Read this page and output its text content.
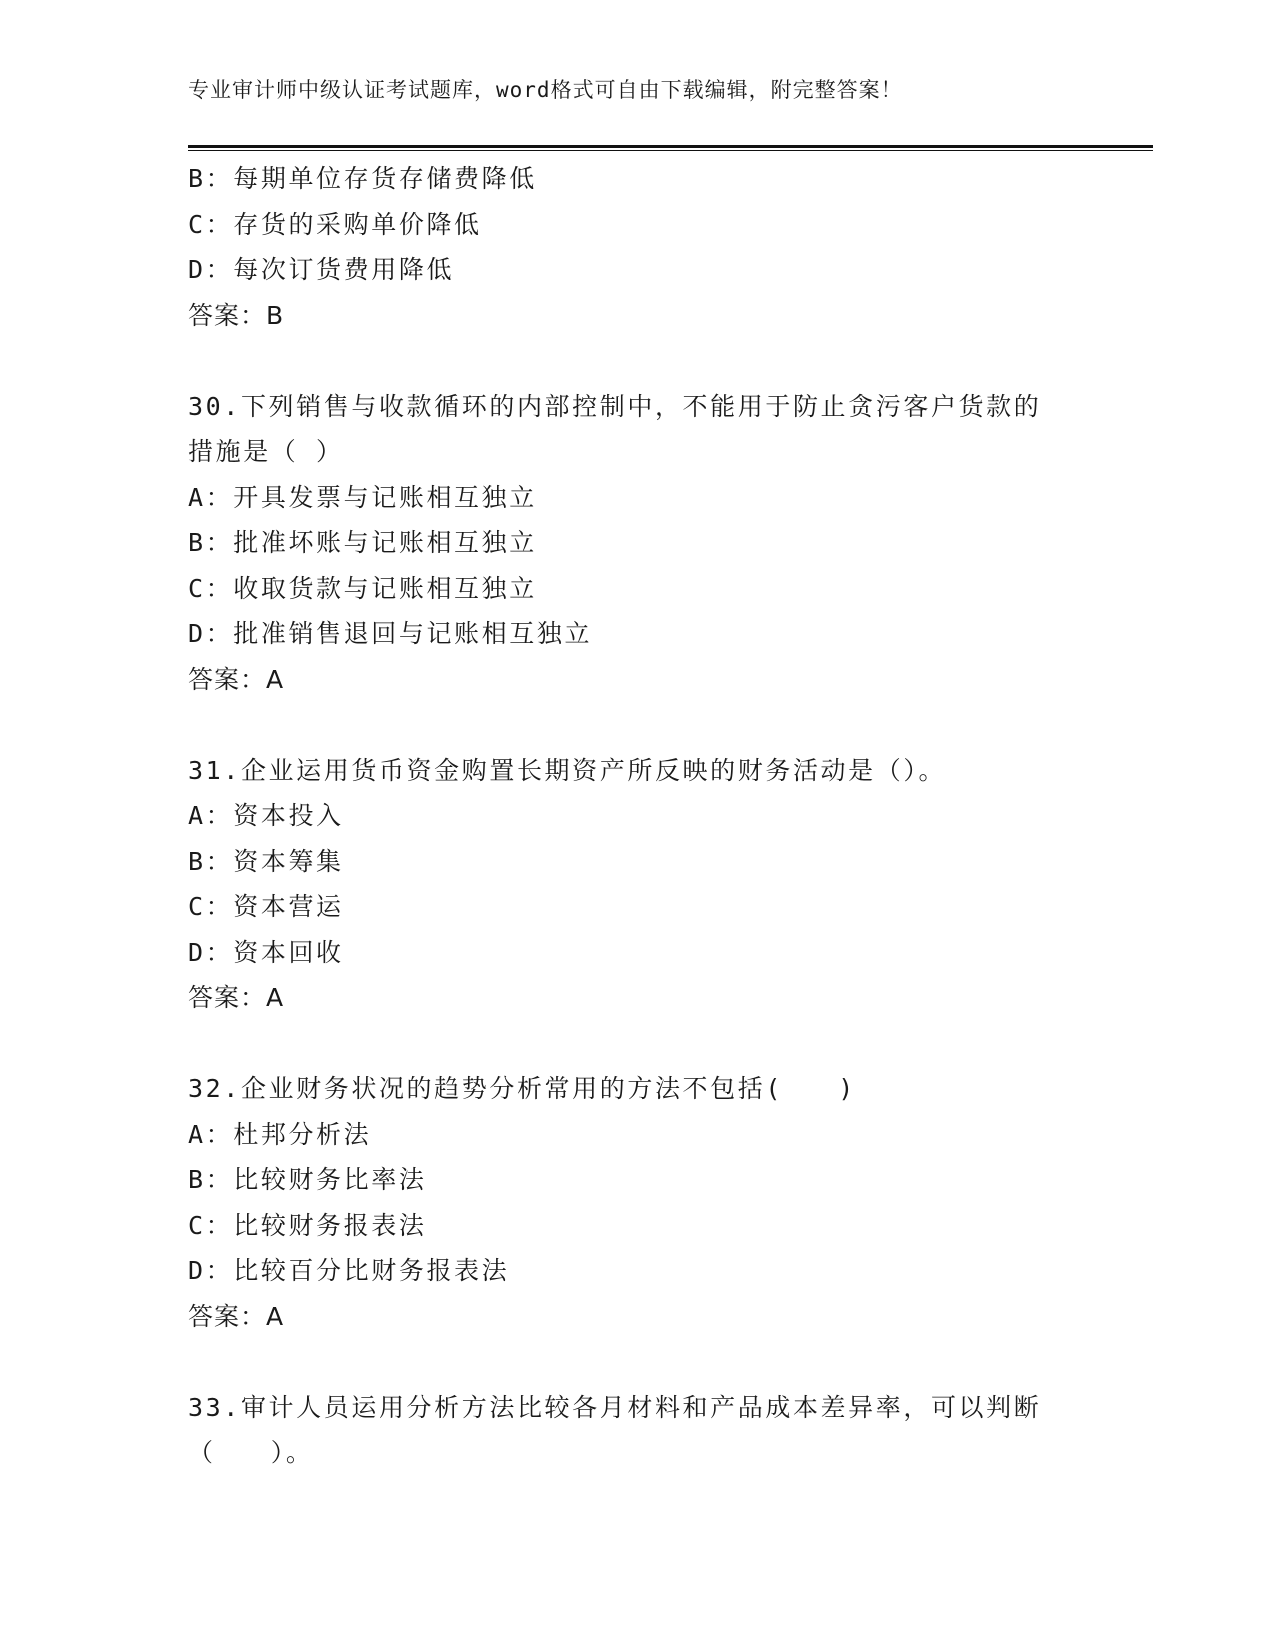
专业审计师中级认证考试题库，word格式可自由下载编辑，附完整答案！
B：每期单位存货存储费降低
C：存货的采购单价降低
D：每次订货费用降低
答案：B
30.下列销售与收款循环的内部控制中，不能用于防止贪污客户货款的
措施是（ ）
A：开具发票与记账相互独立
B：批准坏账与记账相互独立
C：收取货款与记账相互独立
D：批准销售退回与记账相互独立
答案：A
31.企业运用货币资金购置长期资产所反映的财务活动是（）。
A：资本投入
B：资本筹集
C：资本营运
D：资本回收
答案：A
32.企业财务状况的趋势分析常用的方法不包括(　　)
A：杜邦分析法
B：比较财务比率法
C：比较财务报表法
D：比较百分比财务报表法
答案：A
33.审计人员运用分析方法比较各月材料和产品成本差异率，可以判断
（　　）。
